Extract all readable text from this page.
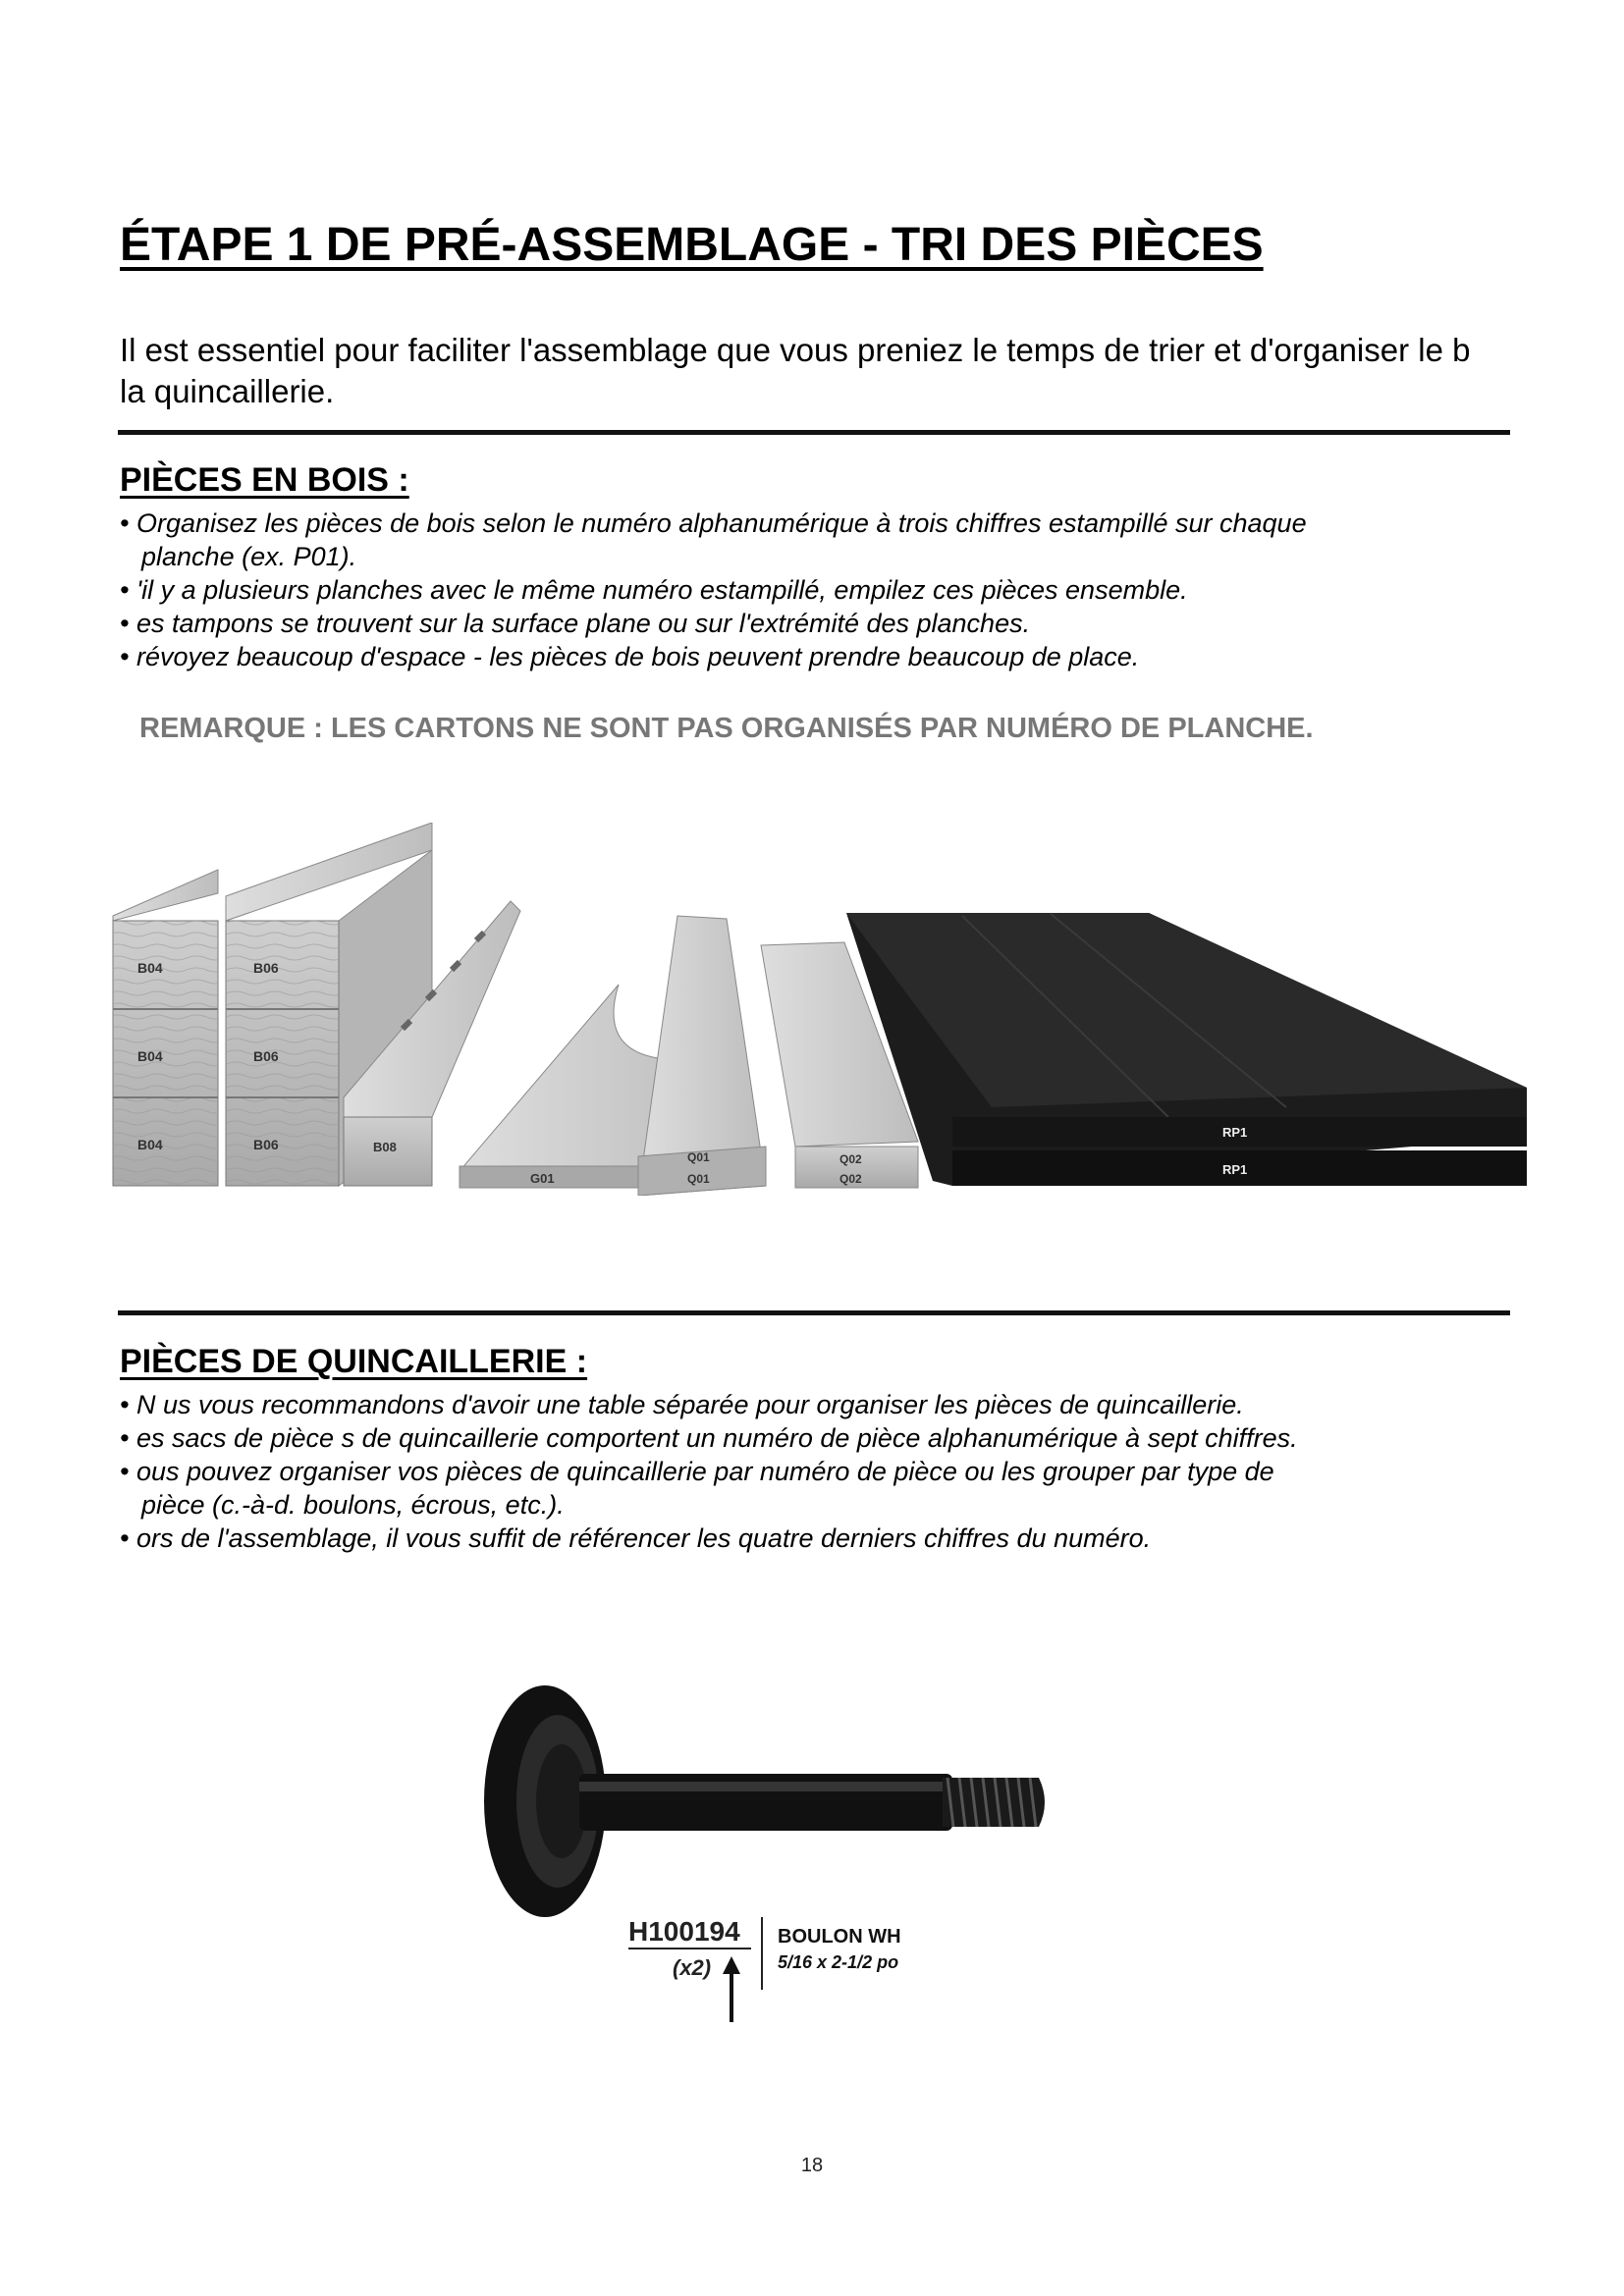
ÉTAPE 1 DE PRÉ-ASSEMBLAGE - TRI DES PIÈCES
Il est essentiel pour faciliter l'assemblage que vous preniez le temps de trier et d'organiser le b
la quincaillerie.
PIÈCES EN BOIS :
• Organisez les pièces de bois selon le numéro alphanumérique à trois chiffres estampillé sur chaque
planche (ex. P01).
• 'il y a plusieurs planches avec le même numéro estampillé, empilez ces pièces ensemble.
• es tampons se trouvent sur la surface plane ou sur l'extrémité des planches.
• révoyez beaucoup d'espace - les pièces de bois peuvent prendre beaucoup de place.
REMARQUE : LES CARTONS NE SONT PAS ORGANISÉS PAR NUMÉRO DE PLANCHE.
B04
B04
B04
B06
B06
B06	B08
G01
Q01
Q01
Q02
Q02
RP1
RP1
PIÈCES DE QUINCAILLERIE :
• N us vous recommandons d'avoir une table séparée pour organiser les pièces de quincaillerie.
• es sacs de pièce s de quincaillerie comportent un numéro de pièce alphanumérique à sept chiffres.
• ous pouvez organiser vos pièces de quincaillerie par numéro de pièce ou les grouper par type de
pièce (c.-à-d. boulons, écrous, etc.).
• ors de l'assemblage, il vous suffit de référencer les quatre derniers chiffres du numéro.
H100194
(x2)
BOULON WH
5/16 x 2-1/2 po
18
